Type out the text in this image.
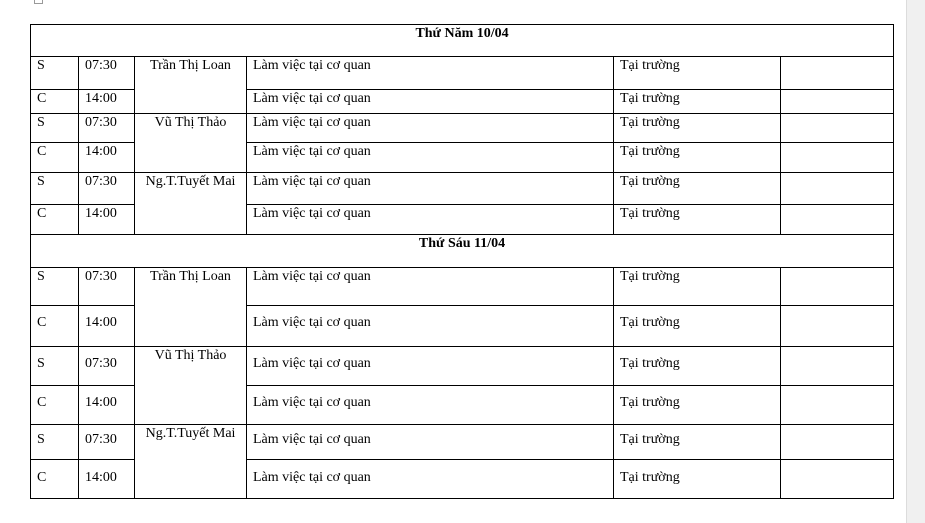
Thứ Năm 10/04					
S	07:30	Trần Thị Loan	Làm việc tại cơ quan	Tại trường	
C	14:00		Làm việc tại cơ quan	Tại trường	
S	07:30	Vũ Thị Thảo	Làm việc tại cơ quan	Tại trường	
C	14:00		Làm việc tại cơ quan	Tại trường	
S	07:30	Ng.T.Tuyết Mai	Làm việc tại cơ quan	Tại trường	
C	14:00		Làm việc tại cơ quan	Tại trường	
Thứ Sáu 11/04					
S	07:30	Trần Thị Loan	Làm việc tại cơ quan	Tại trường	
C	14:00		Làm việc tại cơ quan	Tại trường	
S	07:30	Vũ Thị Thảo	Làm việc tại cơ quan	Tại trường	
C	14:00		Làm việc tại cơ quan	Tại trường	
S	07:30	Ng.T.Tuyết Mai	Làm việc tại cơ quan	Tại trường	
C	14:00		Làm việc tại cơ quan	Tại trường	
